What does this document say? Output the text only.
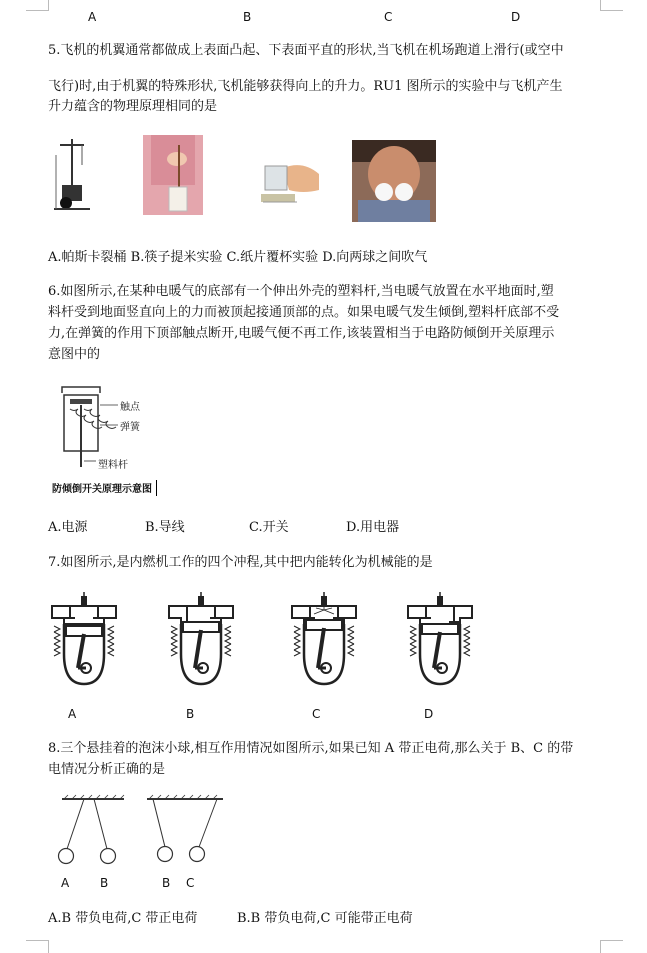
A	B	C	D
5.飞机的机翼通常都做成上表面凸起、下表面平直的形状,当飞机在机场跑道上滑行(或空中
飞行)时,由于机翼的特殊形状,飞机能够获得向上的升力。RU1 图所示的实验中与飞机产生
升力蕴含的物理原理相同的是
A.帕斯卡裂桶 B.筷子提米实验 C.纸片覆杯实验 D.向两球之间吹气
6.如图所示,在某种电暖气的底部有一个伸出外壳的塑料杆,当电暖气放置在水平地面时,塑
料杆受到地面竖直向上的力而被顶起接通顶部的点。如果电暖气发生倾倒,塑料杆底部不受
力,在弹簧的作用下顶部触点断开,电暖气便不再工作,该装置相当于电路防倾倒开关原理示
意图中的
触点
弹簧
塑料杆
防倾倒开关原理示意图
A.电源	B.导线	C.开关	D.用电器
7.如图所示,是内燃机工作的四个冲程,其中把内能转化为机械能的是
A	B	C	D
8.三个悬挂着的泡沫小球,相互作用情况如图所示,如果已知 A 带正电荷,那么关于 B、C 的带
电情况分析正确的是
A	B	B C
A.B 带负电荷,C 带正电荷	B.B 带负电荷,C 可能带正电荷
